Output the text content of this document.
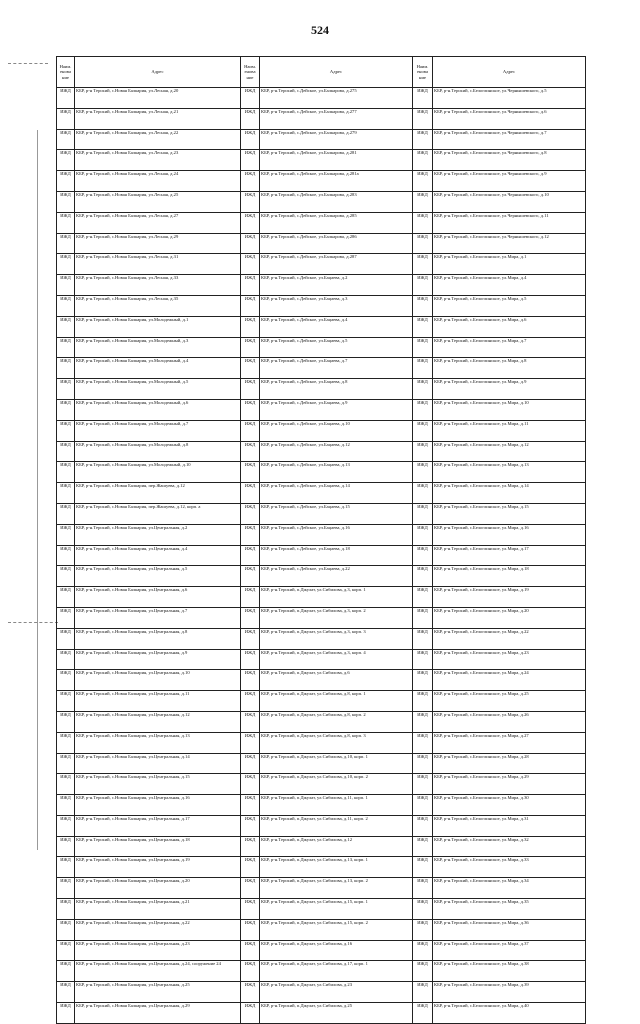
524
Наим. еновa ние	Адрес	Наим. еновa ние	Адрес	Наим. еновa ние	Адрес
ИЖД	КБР, р-н Терский, с.Новая Балкария, ул.Лесная, д.20	ИЖД	КБР, р-н.Терский, с.Дейское, ул.Балкарова, д.275	ИЖД	КБР, р-н.Терский, с.Белоглинское, ул.Чернышевского, д.5
ИЖД	КБР, р-н.Терский, с.Новая Балкария, ул.Лесная, д.21	ИЖД	КБР, р-н Терский, с.Дейское, ул.Балкарова, д.277	ИЖД	КБР, р-н Терский, с.Белоглинское, ул.Чернышевского, д.6
ИЖД	КБР, р-н Терский, с.Новая Балкария, ул.Лесная, д.22	ИЖД	КБР, р-н.Терский, с.Дейское, ул.Балкарова, д.279	ИЖД	КБР, р-н.Терский, с.Белоглинское, ул.Чернышевского, д.7
ИЖД	КБР, р-н.Терский, с.Новая Балкария, ул.Лесная, д.23	ИЖД	КБР, р-н Терский, с.Дейское, ул.Балкарова, д.281	ИЖД	КБР, р-н.Терский, с.Белоглинское, ул.Чернышевского, д.8
ИЖД	КБР, р-н.Терский, с.Новая Балкария, ул.Лесная, д.24	ИЖД	КБР, р-н.Терский, с.Дейское, ул.Балкарова, д.281а	ИЖД	КБР, р-н.Терский, с.Белоглинское, ул.Чернышевского, д.9
ИЖД	КБР, р-н.Терский, с.Новая Балкария, ул.Лесная, д.25	ИЖД	КБР, р-н.Терский, с.Дейское, ул.Балкарова, д.283	ИЖД	КБР, р-н.Терский, с.Белоглинское, ул.Чернышевского, д.10
ИЖД	КБР, р-н.Терский, с.Новая Балкария, ул.Лесная, д.27	ИЖД	КБР, р-н.Терский, с.Дейское, ул.Балкарова, д.285	ИЖД	КБР, р-н.Терский, с.Белоглинское, ул.Чернышевского, д.11
ИЖД	КБР, р-н.Терский, с.Новая Балкария, ул.Лесная, д.29	ИЖД	КБР, р-н.Терский, с.Дейское, ул.Балкарова, д.286	ИЖД	КБР, р-н.Терский, с.Белоглинское, ул.Чернышевского, д.12
ИЖД	КБР, р-н.Терский, с.Новая Балкария, ул.Лесная, д.31	ИЖД	КБР, р-н.Терский, с.Дейское, ул.Балкарова, д.287	ИЖД	КБР, р-н.Терский, с.Белоглинское, ул.Мира, д.1
ИЖД	КБР, р-н.Терский, с.Новая Балкария, ул.Лесная, д.33	ИЖД	КБР, р-н.Терский, с.Дейское, ул.Бацаева, д.2	ИЖД	КБР, р-н.Терский, с.Белоглинское, ул.Мира, д.4
ИЖД	КБР, р-н.Терский, с.Новая Балкария, ул.Лесная, д.35	ИЖД	КБР, р-н.Терский, с.Дейское, ул.Бацаева, д.3	ИЖД	КБР, р-н.Терский, с.Белоглинское, ул.Мира, д.5
ИЖД	КБР, р-н.Терский, с.Новая Балкария, ул.Молодежный, д.1	ИЖД	КБР, р-н.Терский, с.Дейское, ул.Бацаева, д.4	ИЖД	КБР, р-н.Терский, с.Белоглинское, ул.Мира, д.6
ИЖД	КБР, р-н.Терский, с.Новая Балкария, ул.Молодежный, д.3	ИЖД	КБР, р-н.Терский, с.Дейское, ул.Бацаева, д.5	ИЖД	КБР, р-н.Терский, с.Белоглинское, ул.Мира, д.7
ИЖД	КБР, р-н.Терский, с.Новая Балкария, ул.Молодежный, д.4	ИЖД	КБР, р-н.Терский, с.Дейское, ул.Бацаева, д.7	ИЖД	КБР, р-н.Терский, с.Белоглинское, ул.Мира, д.8
ИЖД	КБР, р-н.Терский, с.Новая Балкария, ул.Молодежный, д.5	ИЖД	КБР, р-н.Терский, с.Дейское, ул.Бацаева, д.8	ИЖД	КБР, р-н.Терский, с.Белоглинское, ул.Мира, д.9
ИЖД	КБР, р-н.Терский, с.Новая Балкария, ул.Молодежный, д.6	ИЖД	КБР, р-н.Терский, с.Дейское, ул.Бацаева, д.9	ИЖД	КБР, р-н.Терский, с.Белоглинское, ул.Мира, д.10
ИЖД	КБР, р-н.Терский, с.Новая Балкария, ул.Молодежный, д.7	ИЖД	КБР, р-н.Терский, с.Дейское, ул.Бацаева, д.10	ИЖД	КБР, р-н.Терский, с.Белоглинское, ул.Мира, д.11
ИЖД	КБР, р-н.Терский, с.Новая Балкария, ул.Молодежный, д.8	ИЖД	КБР, р-н.Терский, с.Дейское, ул.Бацаева, д.12	ИЖД	КБР, р-н.Терский, с.Белоглинское, ул.Мира, д.12
ИЖД	КБР, р-н.Терский, с.Новая Балкария, ул.Молодежный, д.10	ИЖД	КБР, р-н.Терский, с.Дейское, ул.Бацаева, д.13	ИЖД	КБР, р-н.Терский, с.Белоглинское, ул.Мира, д.13
ИЖД	КБР, р-н.Терский, с.Новая Балкария, пер.Жашуева, д.12	ИЖД	КБР, р-н.Терский, с.Дейское, ул.Бацаева, д.14	ИЖД	КБР, р-н.Терский, с.Белоглинское, ул.Мира, д.14
ИЖД	КБР, р-н.Терский, с.Новая Балкария, пер.Жашуева, д.12, корп. а	ИЖД	КБР, р-н.Терский, с.Дейское, ул.Бацаева, д.15	ИЖД	КБР, р-н.Терский, с.Белоглинское, ул.Мира, д.15
ИЖД	КБР, р-н.Терский, с.Новая Балкария, ул.Центральная, д.2	ИЖД	КБР, р-н.Терский, с.Дейское, ул.Бацаева, д.16	ИЖД	КБР, р-н.Терский, с.Белоглинское, ул.Мира, д.16
ИЖД	КБР, р-н.Терский, с.Новая Балкария, ул.Центральная, д.4	ИЖД	КБР, р-н.Терский, с.Дейское, ул.Бацаева, д.18	ИЖД	КБР, р-н.Терский, с.Белоглинское, ул.Мира, д.17
ИЖД	КБР, р-н.Терский, с.Новая Балкария, ул.Центральная, д.5	ИЖД	КБР, р-н.Терский, с.Дейское, ул.Бацаева, д.22	ИЖД	КБР, р-н.Терский, с.Белоглинское, ул.Мира, д.18
ИЖД	КБР, р-н.Терский, с.Новая Балкария, ул.Центральная, д.6	ИЖД	КБР, р-н.Терский, п.Джулат, ул.Сибилова, д.3, корп. 1	ИЖД	КБР, р-н.Терский, с.Белоглинское, ул.Мира, д.19
ИЖД	КБР, р-н.Терский, с.Новая Балкария, ул.Центральная, д.7	ИЖД	КБР, р-н.Терский, п.Джулат, ул.Сибилова, д.3, корп. 2	ИЖД	КБР, р-н.Терский, с.Белоглинское, ул.Мира, д.20
ИЖД	КБР, р-н.Терский, с.Новая Балкария, ул.Центральная, д.8	ИЖД	КБР, р-н.Терский, п.Джулат, ул.Сибилова, д.3, корп. 3	ИЖД	КБР, р-н.Терский, с.Белоглинское, ул.Мира, д.22
ИЖД	КБР, р-н.Терский, с.Новая Балкария, ул.Центральная, д.9	ИЖД	КБР, р-н.Терский, п.Джулат, ул.Сибилова, д.3, корп. 4	ИЖД	КБР, р-н.Терский, с.Белоглинское, ул.Мира, д.23
ИЖД	КБР, р-н.Терский, с.Новая Балкария, ул.Центральная, д.10	ИЖД	КБР, р-н.Терский, п.Джулат, ул.Сибилова, д.6	ИЖД	КБР, р-н.Терский, с.Белоглинское, ул.Мира, д.24
ИЖД	КБР, р-н.Терский, с.Новая Балкария, ул.Центральная, д.11	ИЖД	КБР, р-н.Терский, п.Джулат, ул.Сибилова, д.8, корп. 1	ИЖД	КБР, р-н.Терский, с.Белоглинское, ул.Мира, д.25
ИЖД	КБР, р-н.Терский, с.Новая Балкария, ул.Центральная, д.12	ИЖД	КБР, р-н.Терский, п.Джулат, ул.Сибилова, д.8, корп. 2	ИЖД	КБР, р-н.Терский, с.Белоглинское, ул.Мира, д.26
ИЖД	КБР, р-н.Терский, с.Новая Балкария, ул.Центральная, д.13	ИЖД	КБР, р-н.Терский, п.Джулат, ул.Сибилова, д.8, корп. 3	ИЖД	КБР, р-н.Терский, с.Белоглинское, ул.Мира, д.27
ИЖД	КБР, р-н.Терский, с.Новая Балкария, ул.Центральная, д.14	ИЖД	КБР, р-н.Терский, п.Джулат, ул.Сибилова, д.10, корп. 1	ИЖД	КБР, р-н.Терский, с.Белоглинское, ул.Мира, д.28
ИЖД	КБР, р-н.Терский, с.Новая Балкария, ул.Центральная, д.15	ИЖД	КБР, р-н.Терский, п.Джулат, ул.Сибилова, д.10, корп. 2	ИЖД	КБР, р-н.Терский, с.Белоглинское, ул.Мира, д.29
ИЖД	КБР, р-н.Терский, с.Новая Балкария, ул.Центральная, д.16	ИЖД	КБР, р-н.Терский, п.Джулат, ул.Сибилова, д.11, корп. 1	ИЖД	КБР, р-н.Терский, с.Белоглинское, ул.Мира, д.30
ИЖД	КБР, р-н.Терский, с.Новая Балкария, ул.Центральная, д.17	ИЖД	КБР, р-н.Терский, п.Джулат, ул.Сибилова, д.11, корп. 2	ИЖД	КБР, р-н.Терский, с.Белоглинское, ул.Мира, д.31
ИЖД	КБР, р-н.Терский, с.Новая Балкария, ул.Центральная, д.18	ИЖД	КБР, р-н.Терский, п.Джулат, ул.Сибилова, д.12	ИЖД	КБР, р-н.Терский, с.Белоглинское, ул.Мира, д.32
ИЖД	КБР, р-н.Терский, с.Новая Балкария, ул.Центральная, д.19	ИЖД	КБР, р-н.Терский, п.Джулат, ул.Сибилова, д.13, корп. 1	ИЖД	КБР, р-н.Терский, с.Белоглинское, ул.Мира, д.33
ИЖД	КБР, р-н.Терский, с.Новая Балкария, ул.Центральная, д.20	ИЖД	КБР, р-н.Терский, п.Джулат, ул.Сибилова, д.13, корп. 2	ИЖД	КБР, р-н.Терский, с.Белоглинское, ул.Мира, д.34
ИЖД	КБР, р-н.Терский, с.Новая Балкария, ул.Центральная, д.21	ИЖД	КБР, р-н.Терский, п.Джулат, ул.Сибилова, д.15, корп. 1	ИЖД	КБР, р-н.Терский, с.Белоглинское, ул.Мира, д.35
ИЖД	КБР, р-н.Терский, с.Новая Балкария, ул.Центральная, д.22	ИЖД	КБР, р-н.Терский, п.Джулат, ул.Сибилова, д.15, корп. 2	ИЖД	КБР, р-н.Терский, с.Белоглинское, ул.Мира, д.36
ИЖД	КБР, р-н.Терский, с.Новая Балкария, ул.Центральная, д.23	ИЖД	КБР, р-н.Терский, п.Джулат, ул.Сибилова, д.16	ИЖД	КБР, р-н.Терский, с.Белоглинское, ул.Мира, д.37
ИЖД	КБР, р-н.Терский, с.Новая Балкария, ул.Центральная, д.24, сооружение 24	ИЖД	КБР, р-н.Терский, п.Джулат, ул.Сибилова, д.17, корп. 1	ИЖД	КБР, р-н.Терский, с.Белоглинское, ул.Мира, д.38
ИЖД	КБР, р-н.Терский, с.Новая Балкария, ул.Центральная, д.25	ИЖД	КБР, р-н.Терский, п.Джулат, ул.Сибилова, д.23	ИЖД	КБР, р-н.Терский, с.Белоглинское, ул.Мира, д.39
ИЖД	КБР, р-н.Терский, с.Новая Балкария, ул.Центральная, д.29	ИЖД	КБР, р-н.Терский, п.Джулат, ул.Сибилова, д.25	ИЖД	КБР, р-н.Терский, с.Белоглинское, ул.Мира, д.40
